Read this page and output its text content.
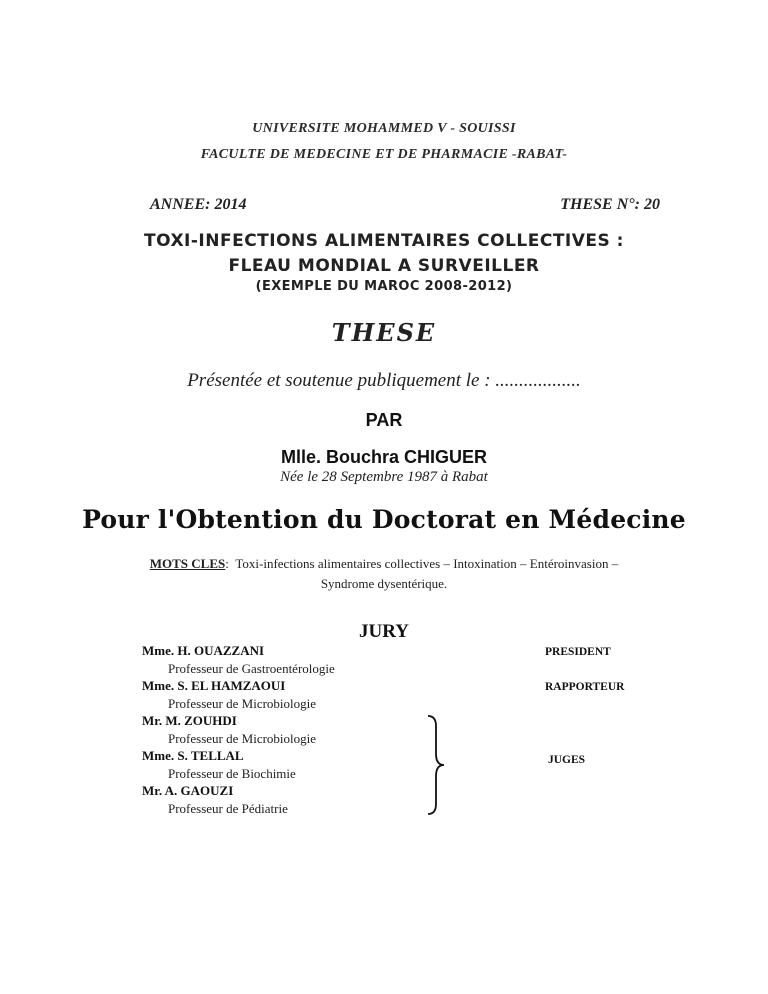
UNIVERSITE MOHAMMED V - SOUISSI
FACULTE DE MEDECINE ET DE PHARMACIE -RABAT-
ANNEE: 2014	THESE N°: 20
TOXI-INFECTIONS ALIMENTAIRES COLLECTIVES :
FLEAU MONDIAL A SURVEILLER
(EXEMPLE DU MAROC 2008-2012)
THESE
Présentée et soutenue publiquement le : ..................
PAR
Mlle. Bouchra CHIGUER
Née le 28 Septembre 1987 à Rabat
Pour l'Obtention du Doctorat en Médecine
MOTS CLES:  Toxi-infections alimentaires collectives – Intoxination – Entéroinvasion –
Syndrome dysentérique.
JURY
Mme. H. OUAZZANI
Professeur de Gastroentérologie
Mme. S. EL HAMZAOUI
Professeur de Microbiologie
Mr. M. ZOUHDI
Professeur de Microbiologie
Mme. S. TELLAL
Professeur de Biochimie
Mr. A. GAOUZI
Professeur de Pédiatrie
PRESIDENT
RAPPORTEUR
JUGES
